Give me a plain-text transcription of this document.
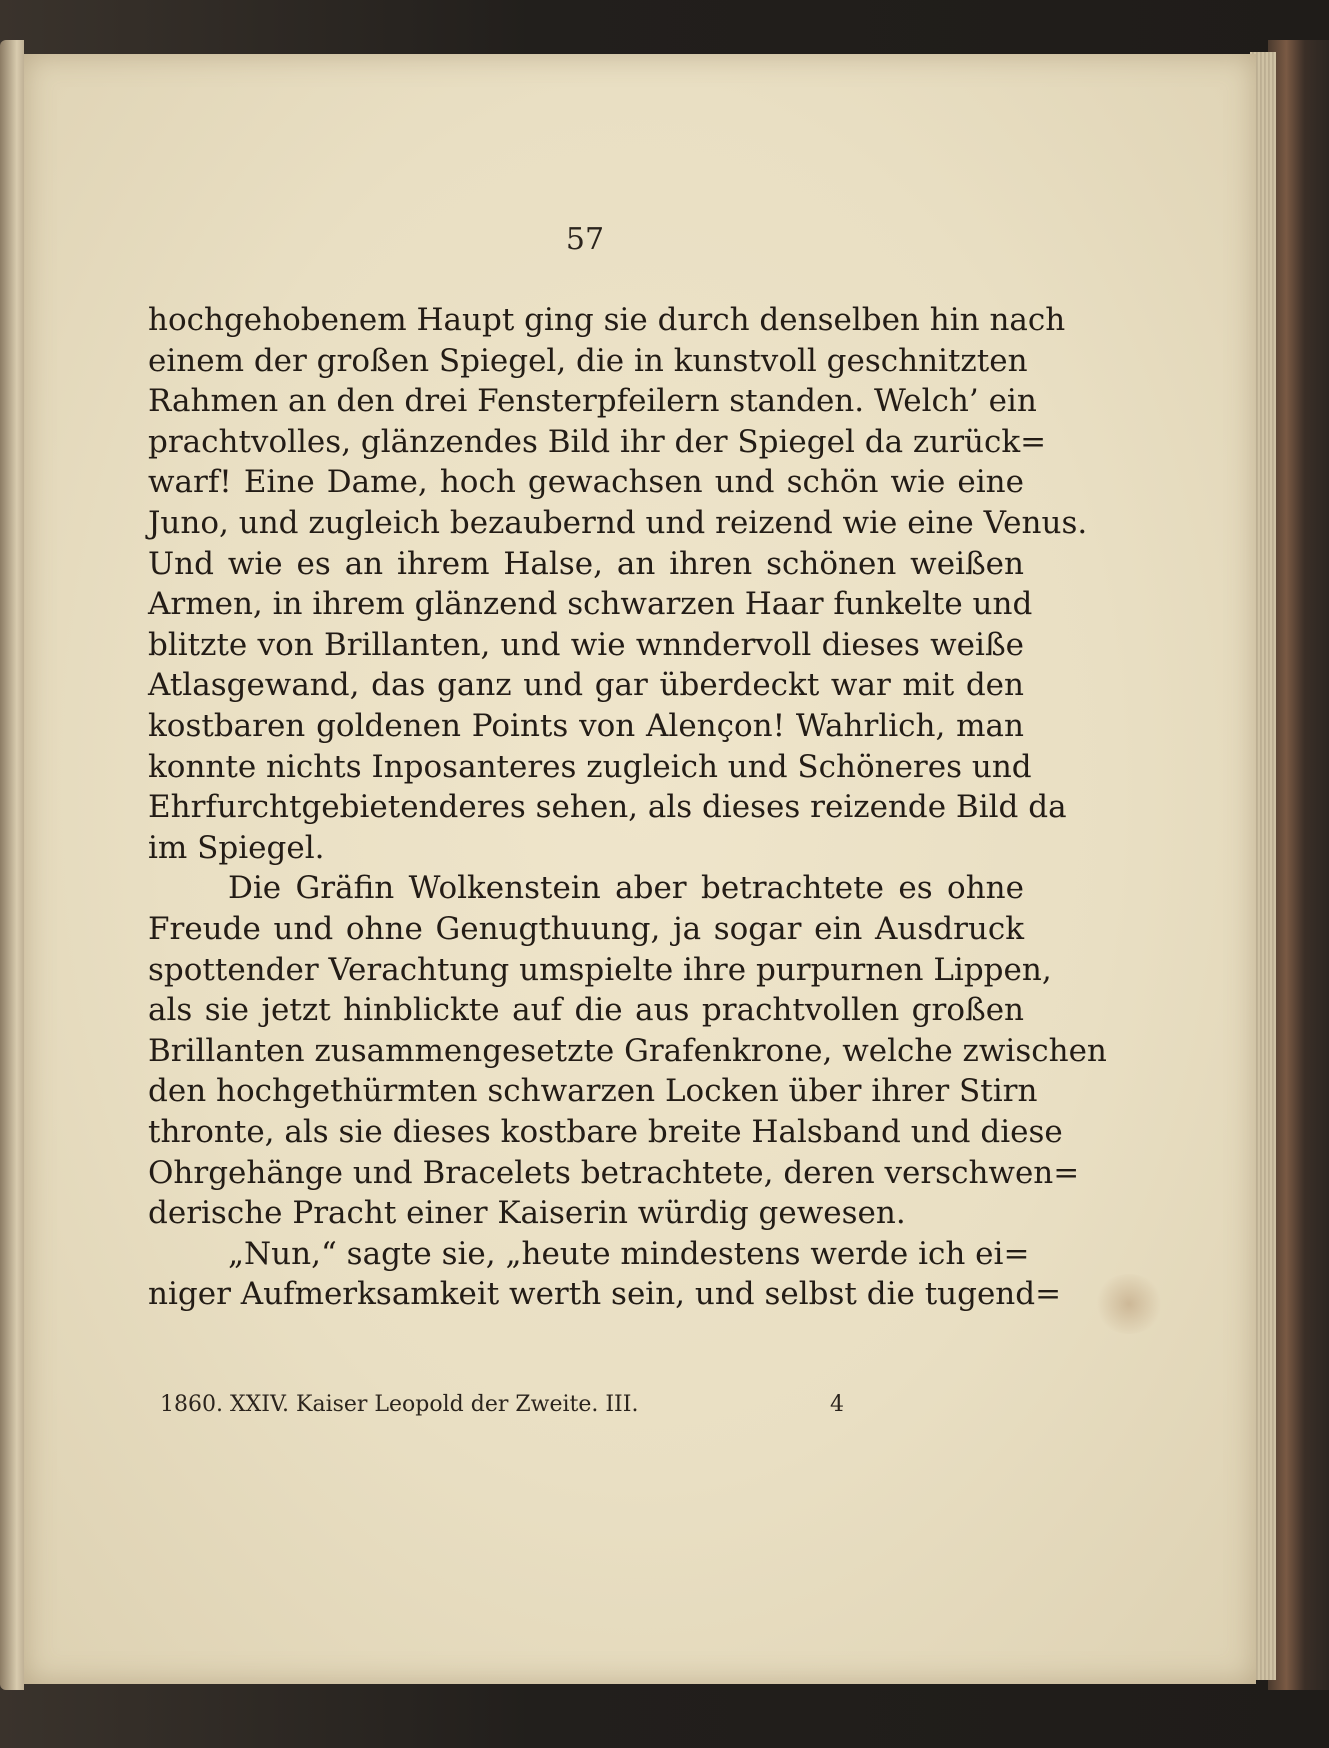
57
hochgehobenem Haupt ging sie durch denselben hin nach
einem der großen Spiegel, die in kunstvoll geschnitzten
Rahmen an den drei Fensterpfeilern standen. Welch’ ein
prachtvolles, glänzendes Bild ihr der Spiegel da zurück=
warf! Eine Dame, hoch gewachsen und schön wie eine
Juno, und zugleich bezaubernd und reizend wie eine Venus.
Und wie es an ihrem Halse, an ihren schönen weißen
Armen, in ihrem glänzend schwarzen Haar funkelte und
blitzte von Brillanten, und wie wnndervoll dieses weiße
Atlasgewand, das ganz und gar überdeckt war mit den
kostbaren goldenen Points von Alençon! Wahrlich, man
konnte nichts Inposanteres zugleich und Schöneres und
Ehrfurchtgebietenderes sehen, als dieses reizende Bild da
im Spiegel.
Die Gräfin Wolkenstein aber betrachtete es ohne
Freude und ohne Genugthuung, ja sogar ein Ausdruck
spottender Verachtung umspielte ihre purpurnen Lippen,
als sie jetzt hinblickte auf die aus prachtvollen großen
Brillanten zusammengesetzte Grafenkrone, welche zwischen
den hochgethürmten schwarzen Locken über ihrer Stirn
thronte, als sie dieses kostbare breite Halsband und diese
Ohrgehänge und Bracelets betrachtete, deren verschwen=
derische Pracht einer Kaiserin würdig gewesen.
„Nun,“ sagte sie, „heute mindestens werde ich ei=
niger Aufmerksamkeit werth sein, und selbst die tugend=
1860. XXIV. Kaiser Leopold der Zweite. III.	4
